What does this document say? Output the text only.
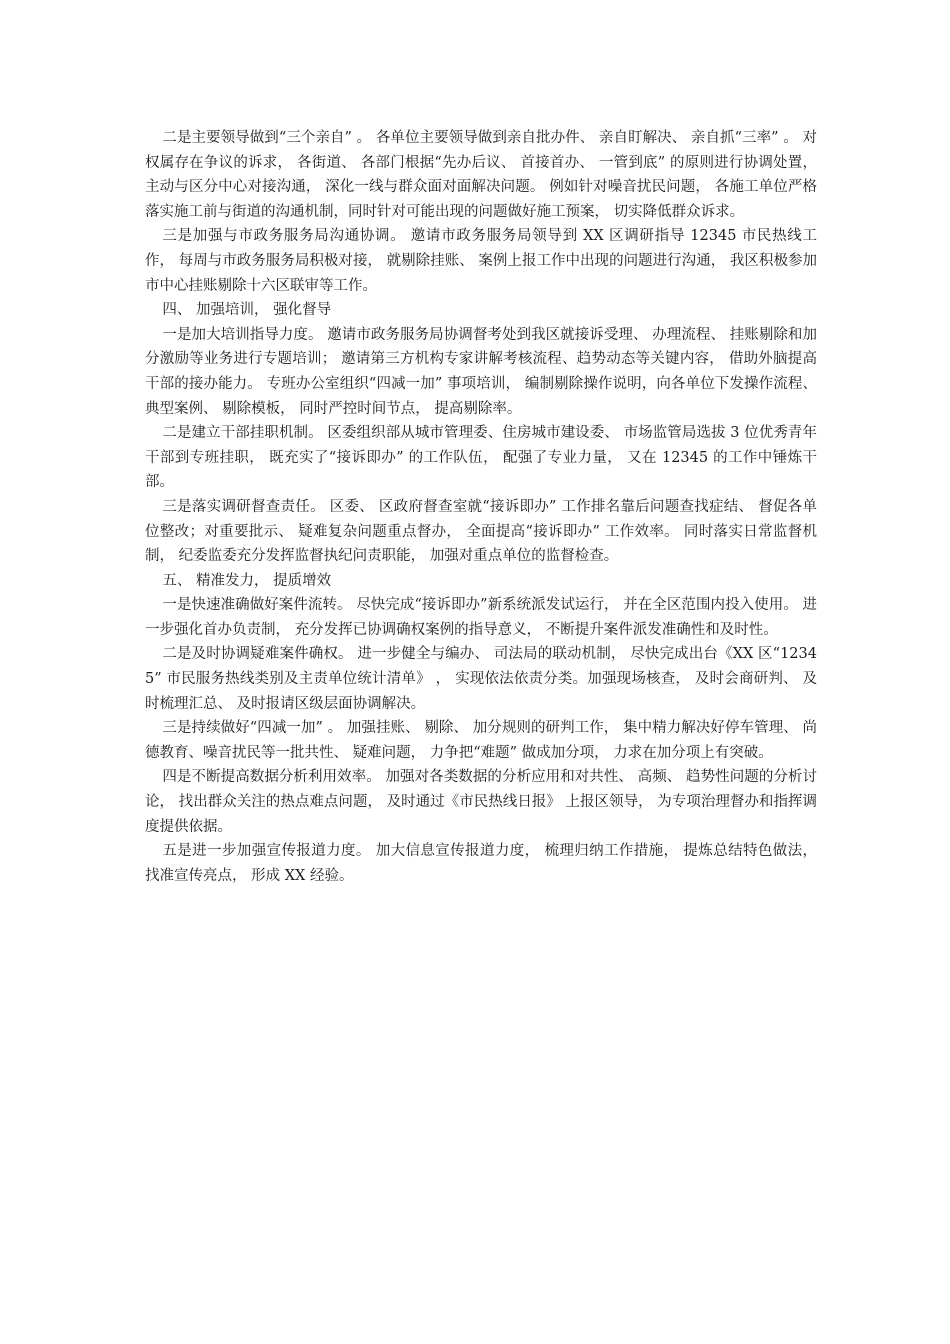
二是主要领导做到“三个亲自” 。 各单位主要领导做到亲自批办件、 亲自盯解决、 亲自抓“三率” 。 对权属存在争议的诉求， 各街道、 各部门根据“先办后议、 首接首办、 一管到底” 的原则进行协调处置， 主动与区分中心对接沟通， 深化一线与群众面对面解决问题。 例如针对噪音扰民问题， 各施工单位严格落实施工前与街道的沟通机制，同时针对可能出现的问题做好施工预案， 切实降低群众诉求。

三是加强与市政务服务局沟通协调。 邀请市政务服务局领导到 XX 区调研指导 12345 市民热线工作， 每周与市政务服务局积极对接， 就剔除挂账、 案例上报工作中出现的问题进行沟通， 我区积极参加市中心挂账剔除十六区联审等工作。

四、 加强培训， 强化督导

一是加大培训指导力度。 邀请市政务服务局协调督考处到我区就接诉受理、 办理流程、 挂账剔除和加分激励等业务进行专题培训； 邀请第三方机构专家讲解考核流程、趋势动态等关键内容， 借助外脑提高干部的接办能力。 专班办公室组织“四减一加” 事项培训， 编制剔除操作说明，向各单位下发操作流程、 典型案例、 剔除模板， 同时严控时间节点， 提高剔除率。

二是建立干部挂职机制。 区委组织部从城市管理委、住房城市建设委、 市场监管局选拔 3 位优秀青年干部到专班挂职， 既充实了“接诉即办” 的工作队伍， 配强了专业力量， 又在 12345 的工作中锤炼干部。

三是落实调研督查责任。 区委、 区政府督查室就“接诉即办” 工作排名靠后问题查找症结、 督促各单位整改；对重要批示、 疑难复杂问题重点督办， 全面提高“接诉即办” 工作效率。 同时落实日常监督机制， 纪委监委充分发挥监督执纪问责职能， 加强对重点单位的监督检查。

五、 精准发力， 提质增效

一是快速准确做好案件流转。 尽快完成“接诉即办”新系统派发试运行， 并在全区范围内投入使用。 进一步强化首办负责制， 充分发挥已协调确权案例的指导意义， 不断提升案件派发准确性和及时性。

二是及时协调疑难案件确权。 进一步健全与编办、 司法局的联动机制， 尽快完成出台《XX 区“12345” 市民服务热线类别及主责单位统计清单》 ， 实现依法依责分类。加强现场核查， 及时会商研判、 及时梳理汇总、 及时报请区级层面协调解决。

三是持续做好“四减一加” 。 加强挂账、 剔除、 加分规则的研判工作， 集中精力解决好停车管理、 尚德教育、噪音扰民等一批共性、 疑难问题， 力争把“难题” 做成加分项， 力求在加分项上有突破。

四是不断提高数据分析利用效率。 加强对各类数据的分析应用和对共性、 高频、 趋势性问题的分析讨论， 找出群众关注的热点难点问题， 及时通过《市民热线日报》 上报区领导， 为专项治理督办和指挥调度提供依据。

五是进一步加强宣传报道力度。 加大信息宣传报道力度， 梳理归纳工作措施， 提炼总结特色做法， 找准宣传亮点， 形成 XX 经验。
